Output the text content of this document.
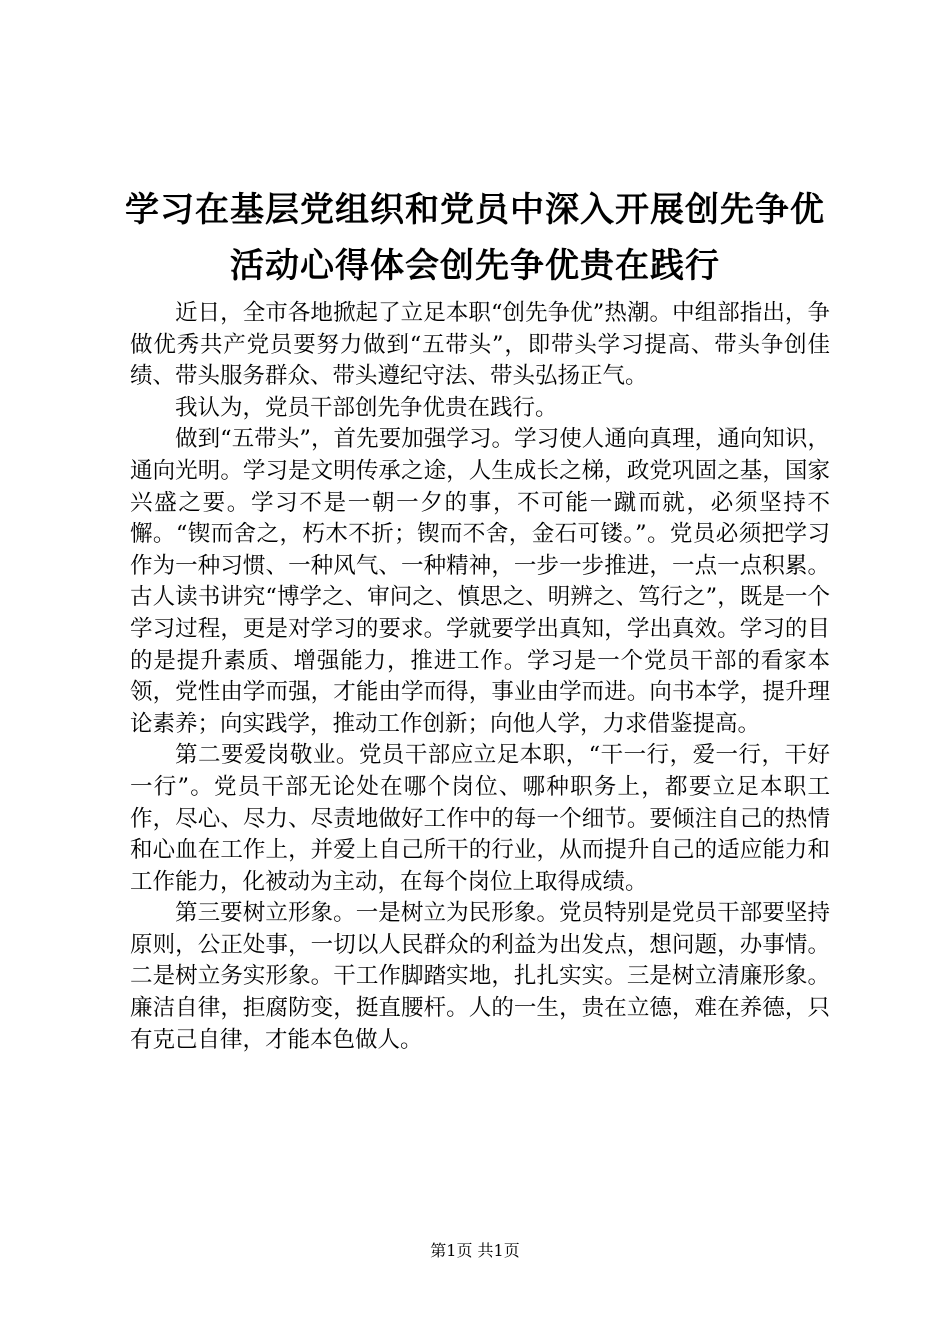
学习在基层党组织和党员中深入开展创先争优
活动心得体会创先争优贵在践行

近日，全市各地掀起了立足本职“创先争优”热潮。中组部指出，争做优秀共产党员要努力做到“五带头”，即带头学习提高、带头争创佳绩、带头服务群众、带头遵纪守法、带头弘扬正气。

我认为，党员干部创先争优贵在践行。

做到“五带头”，首先要加强学习。学习使人通向真理，通向知识，通向光明。学习是文明传承之途，人生成长之梯，政党巩固之基，国家兴盛之要。学习不是一朝一夕的事，不可能一蹴而就，必须坚持不懈。“锲而舍之，朽木不折；锲而不舍，金石可镂。”。党员必须把学习作为一种习惯、一种风气、一种精神，一步一步推进，一点一点积累。古人读书讲究“博学之、审问之、慎思之、明辨之、笃行之”，既是一个学习过程，更是对学习的要求。学就要学出真知，学出真效。学习的目的是提升素质、增强能力，推进工作。学习是一个党员干部的看家本领，党性由学而强，才能由学而得，事业由学而进。向书本学，提升理论素养；向实践学，推动工作创新；向他人学，力求借鉴提高。

第二要爱岗敬业。党员干部应立足本职，“干一行，爱一行，干好一行”。党员干部无论处在哪个岗位、哪种职务上，都要立足本职工作，尽心、尽力、尽责地做好工作中的每一个细节。要倾注自己的热情和心血在工作上，并爱上自己所干的行业，从而提升自己的适应能力和工作能力，化被动为主动，在每个岗位上取得成绩。

第三要树立形象。一是树立为民形象。党员特别是党员干部要坚持原则，公正处事，一切以人民群众的利益为出发点，想问题，办事情。二是树立务实形象。干工作脚踏实地，扎扎实实。三是树立清廉形象。廉洁自律，拒腐防变，挺直腰杆。人的一生，贵在立德，难在养德，只有克己自律，才能本色做人。

第1页 共1页
